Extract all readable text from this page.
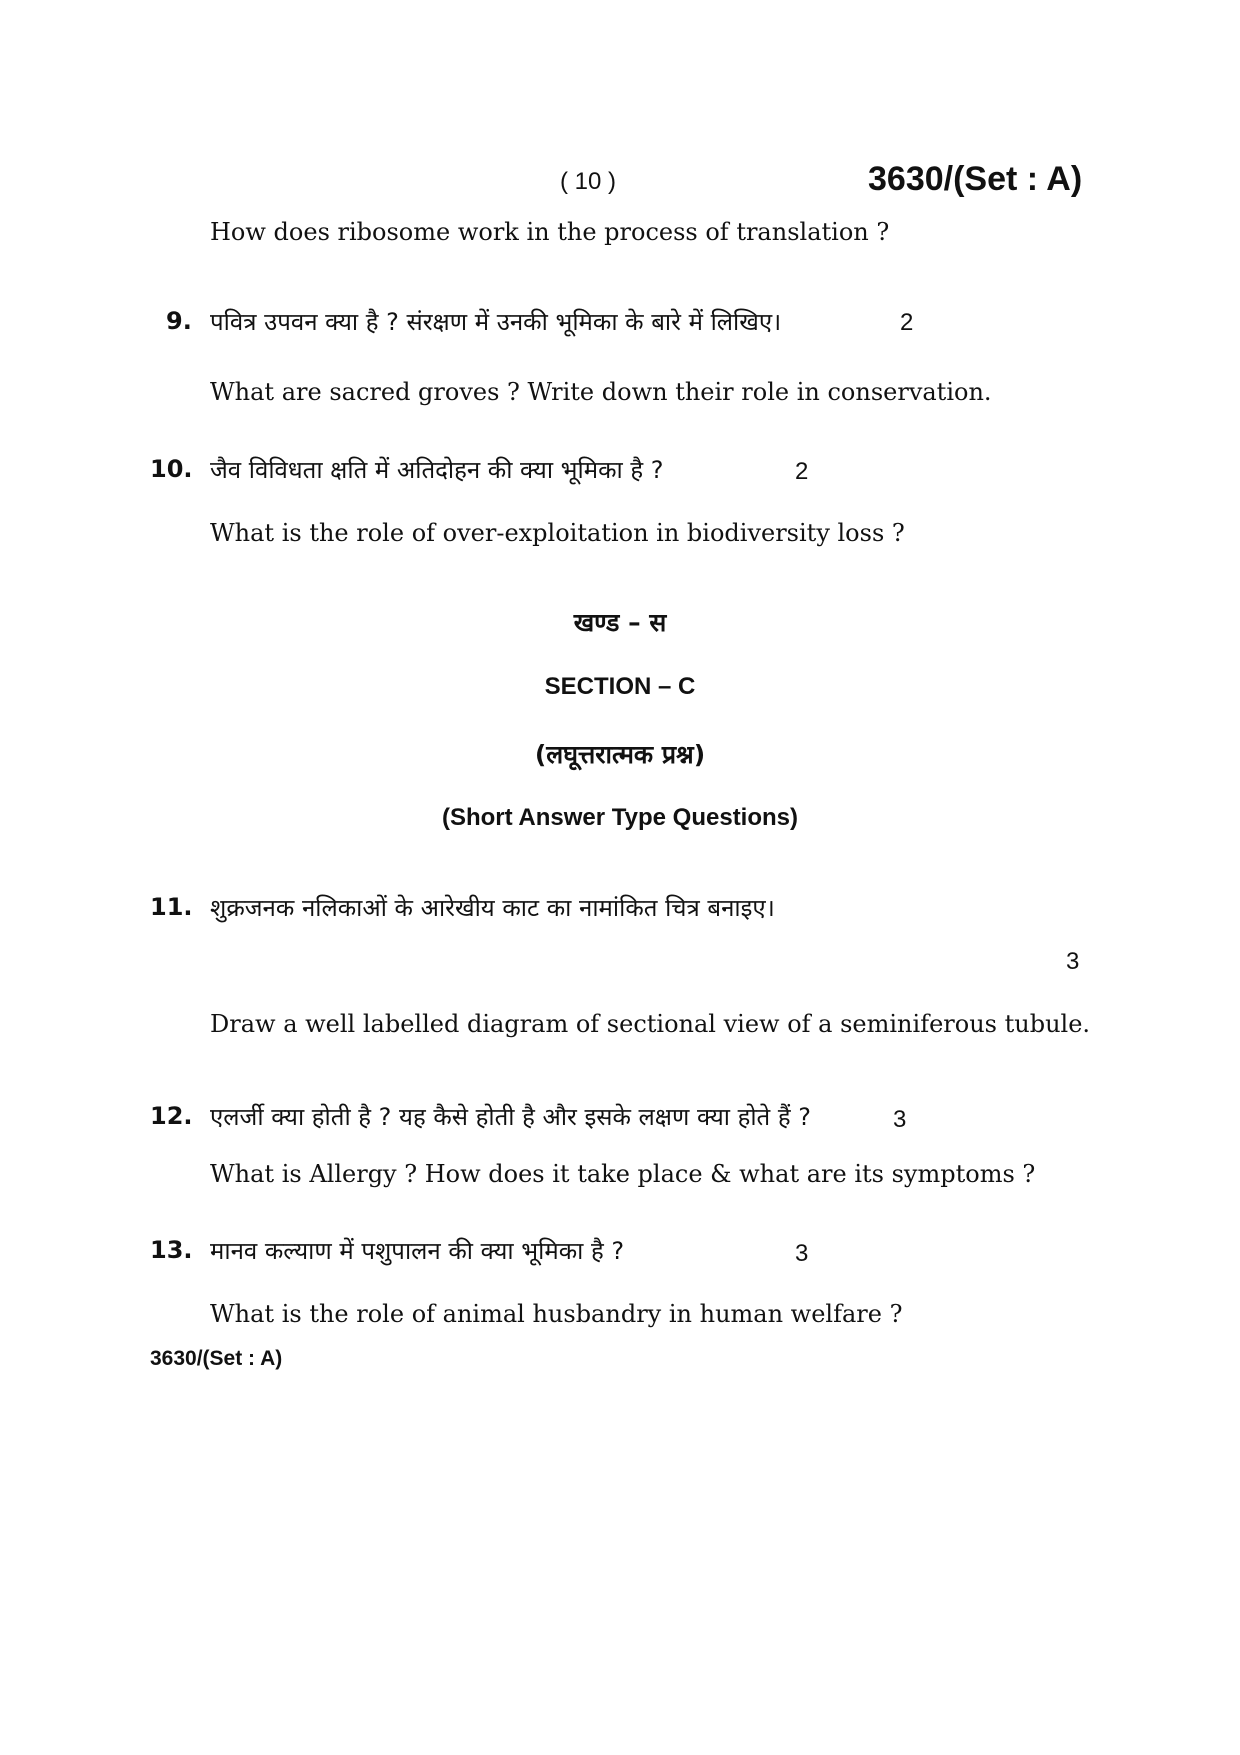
( 10 )	3630/(Set : A)
How does ribosome work in the process of translation ?
9. पवित्र उपवन क्या है ? संरक्षण में उनकी भूमिका के बारे में लिखिए।	2
What are sacred groves ? Write down their role in conservation.
10. जैव विविधता क्षति में अतिदोहन की क्या भूमिका है ?	2
What is the role of over-exploitation in biodiversity loss ?
खण्ड – स
SECTION – C
(लघूत्तरात्मक प्रश्न)
(Short Answer Type Questions)
11. शुक्रजनक नलिकाओं के आरेखीय काट का नामांकित चित्र बनाइए।
3
Draw a well labelled diagram of sectional view of a seminiferous tubule.
12. एलर्जी क्या होती है ? यह कैसे होती है और इसके लक्षण क्या होते हैं ?	3
What is Allergy ? How does it take place & what are its symptoms ?
13. मानव कल्याण में पशुपालन की क्या भूमिका है ?	3
What is the role of animal husbandry in human welfare ?
3630/(Set : A)
